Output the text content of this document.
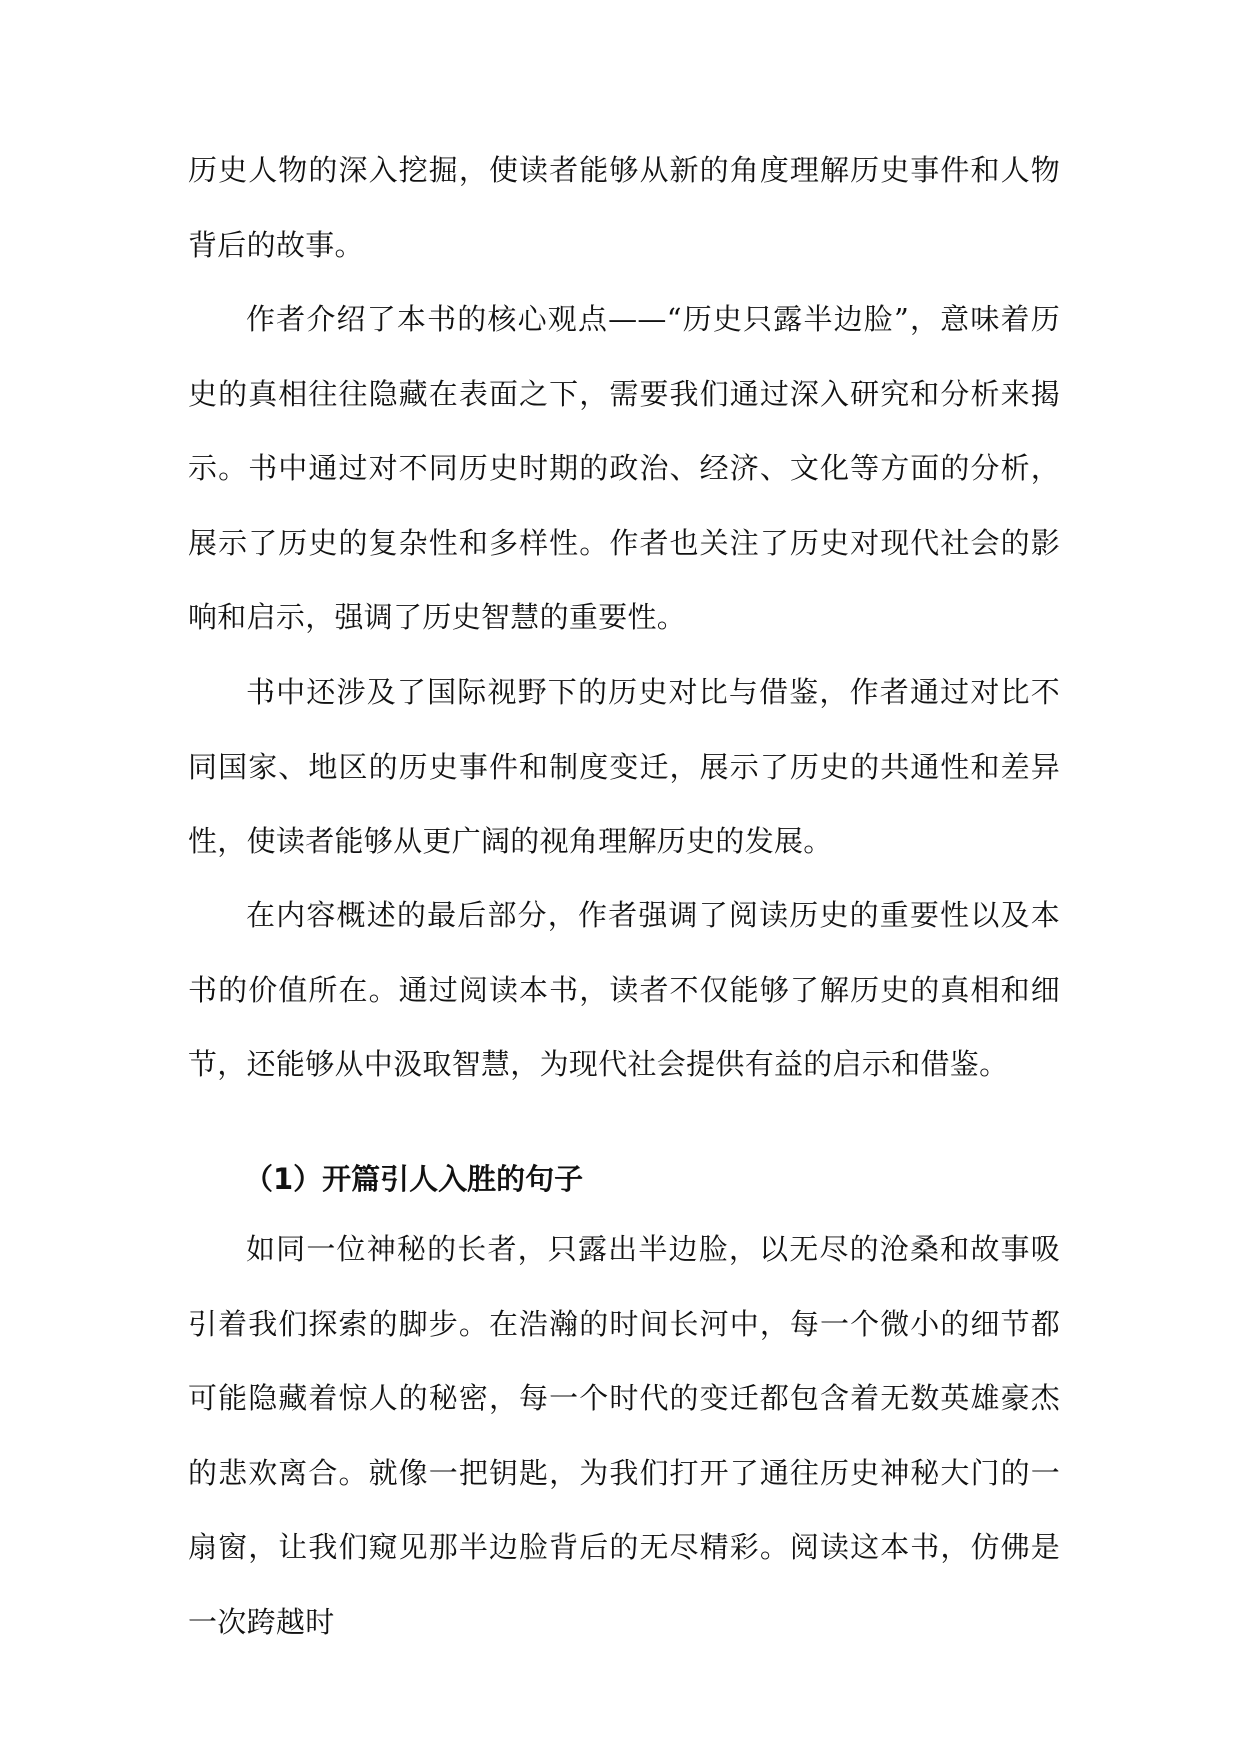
历史人物的深入挖掘，使读者能够从新的角度理解历史事件和人物背后的故事。

作者介绍了本书的核心观点——“历史只露半边脸”，意味着历史的真相往往隐藏在表面之下，需要我们通过深入研究和分析来揭示。书中通过对不同历史时期的政治、经济、文化等方面的分析，展示了历史的复杂性和多样性。作者也关注了历史对现代社会的影响和启示，强调了历史智慧的重要性。

书中还涉及了国际视野下的历史对比与借鉴，作者通过对比不同国家、地区的历史事件和制度变迁，展示了历史的共通性和差异性，使读者能够从更广阔的视角理解历史的发展。

在内容概述的最后部分，作者强调了阅读历史的重要性以及本书的价值所在。通过阅读本书，读者不仅能够了解历史的真相和细节，还能够从中汲取智慧，为现代社会提供有益的启示和借鉴。

（1）开篇引人入胜的句子

如同一位神秘的长者，只露出半边脸，以无尽的沧桑和故事吸引着我们探索的脚步。在浩瀚的时间长河中，每一个微小的细节都可能隐藏着惊人的秘密，每一个时代的变迁都包含着无数英雄豪杰的悲欢离合。就像一把钥匙，为我们打开了通往历史神秘大门的一扇窗，让我们窥见那半边脸背后的无尽精彩。阅读这本书，仿佛是一次跨越时
